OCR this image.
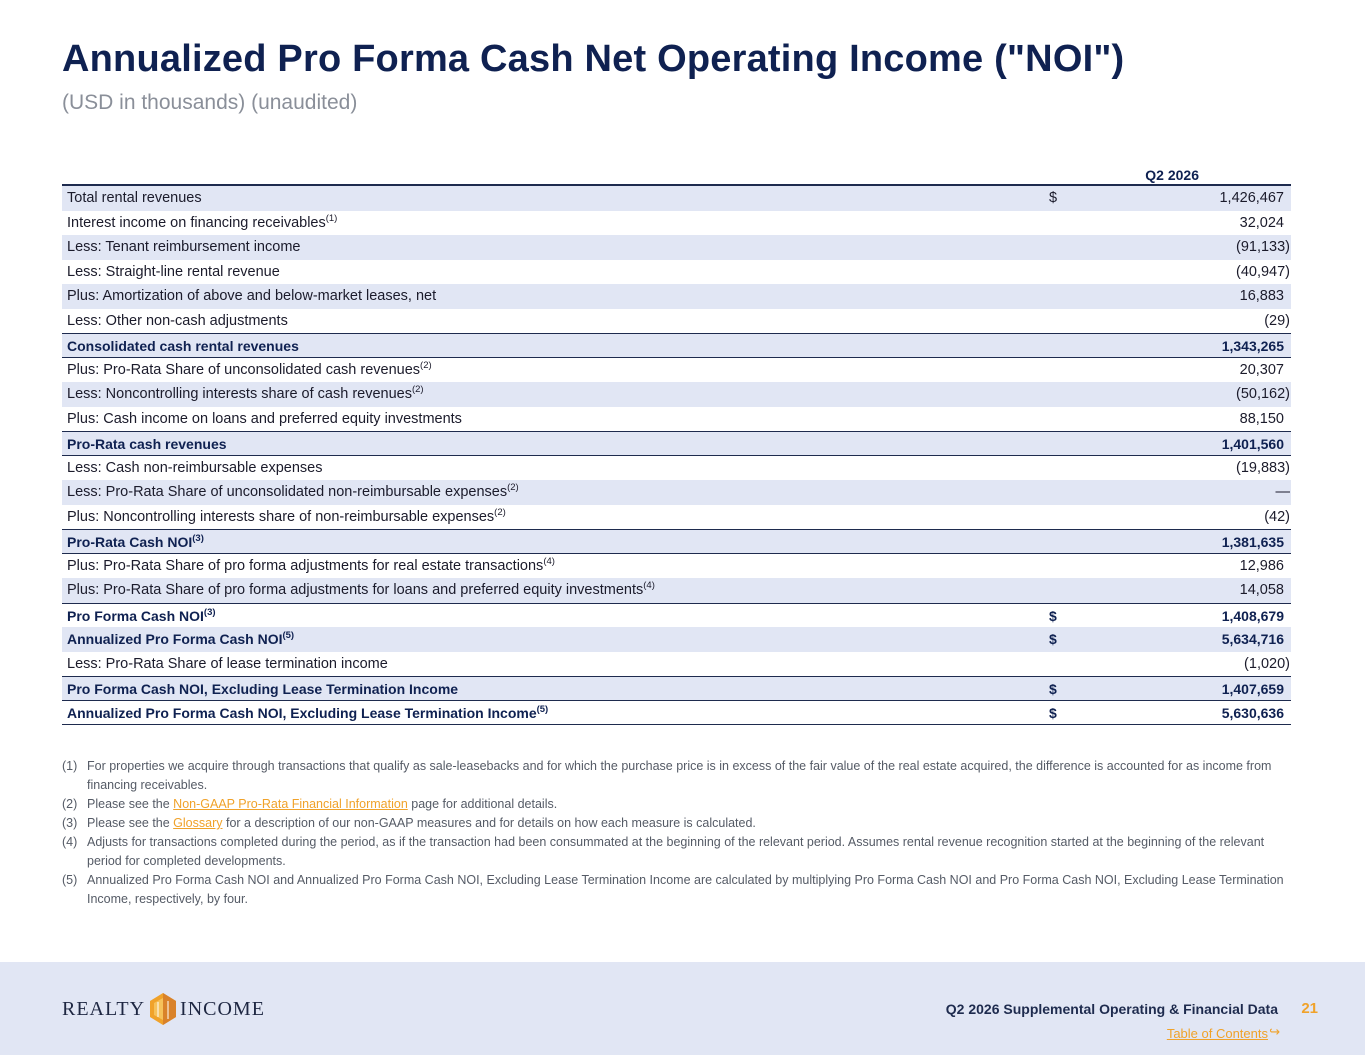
Annualized Pro Forma Cash Net Operating Income ("NOI")
(USD in thousands) (unaudited)
Q2 2026
Total rental revenues	$	1,426,467
Interest income on financing receivables$^{(1)}$	32,024
Less: Tenant reimbursement income	(91,133)
Less: Straight-line rental revenue	(40,947)
Plus: Amortization of above and below-market leases, net	16,883
Less: Other non-cash adjustments	(29)
Consolidated cash rental revenues	1,343,265
Plus: Pro-Rata Share of unconsolidated cash revenues$^{(2)}$	20,307
Less: Noncontrolling interests share of cash revenues$^{(2)}$	(50,162)
Plus: Cash income on loans and preferred equity investments	88,150
Pro-Rata cash revenues	1,401,560
Less: Cash non-reimbursable expenses	(19,883)
Less: Pro-Rata Share of unconsolidated non-reimbursable expenses$^{(2)}$	—
Plus: Noncontrolling interests share of non-reimbursable expenses$^{(2)}$	(42)
Pro-Rata Cash NOI$^{(3)}$	1,381,635
Plus: Pro-Rata Share of pro forma adjustments for real estate transactions$^{(4)}$	12,986
Plus: Pro-Rata Share of pro forma adjustments for loans and preferred equity investments$^{(4)}$	14,058
Pro Forma Cash NOI$^{(3)}$	$	1,408,679
Annualized Pro Forma Cash NOI$^{(5)}$	$	5,634,716
Less: Pro-Rata Share of lease termination income	(1,020)
Pro Forma Cash NOI, Excluding Lease Termination Income	$	1,407,659
Annualized Pro Forma Cash NOI, Excluding Lease Termination Income$^{(5)}$	$	5,630,636
(1) For properties we acquire through transactions that qualify as sale-leasebacks and for which the purchase price is in excess of the fair value of the real estate acquired, the difference is accounted for as income from financing receivables.
(2) Please see the Non-GAAP Pro-Rata Financial Information page for additional details.
(3) Please see the Glossary for a description of our non-GAAP measures and for details on how each measure is calculated.
(4) Adjusts for transactions completed during the period, as if the transaction had been consummated at the beginning of the relevant period. Assumes rental revenue recognition started at the beginning of the relevant period for completed developments.
(5) Annualized Pro Forma Cash NOI and Annualized Pro Forma Cash NOI, Excluding Lease Termination Income are calculated by multiplying Pro Forma Cash NOI and Pro Forma Cash NOI, Excluding Lease Termination Income, respectively, by four.
REALTY INCOME	Q2 2026 Supplemental Operating & Financial Data 21
Table of Contents ↪
